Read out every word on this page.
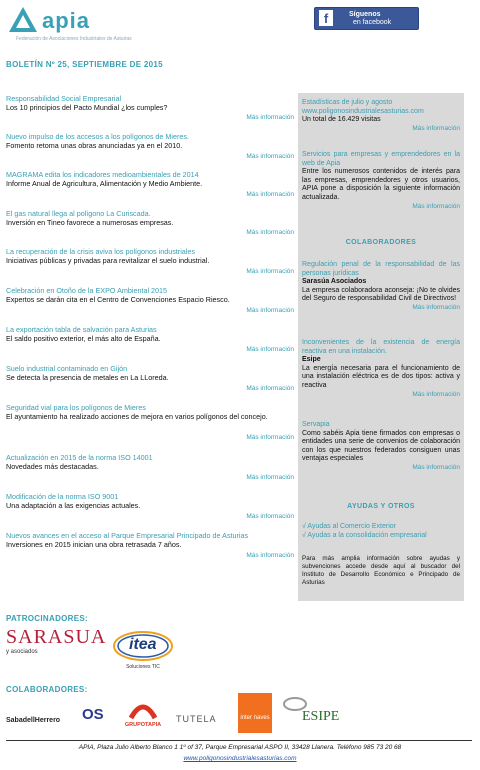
apia
Federación de Asociaciones Industriales de Asturias
f	Síguenos
en facebook
BOLETÍN Nº 25, SEPTIEMBRE DE 2015
Responsabilidad Social Empresarial
Los 10 principios del Pacto Mundial ¿los cumples?
Más información
Nuevo impulso de los accesos a los polígonos de Mieres.
Fomento retoma unas obras anunciadas ya en el 2010.
Más información
MAGRAMA edita los indicadores medioambientales de 2014
Informe Anual de Agricultura, Alimentación y Medio Ambiente.
Más información
El gas natural llega al polígono La Curiscada.
Inversión en Tineo favorece a numerosas empresas.
Más información
La recuperación de la crisis aviva los polígonos industriales
Iniciativas públicas y privadas para revitalizar el suelo industrial.
Más información
Celebración en Otoño de la EXPO Ambiental 2015
Expertos se darán cita en el Centro de Convenciones Espacio Riesco.
Más información
La exportación tabla de salvación para Asturias
El saldo positivo exterior, el más alto de España.
Más información
Suelo industrial contaminado en Gijón
Se detecta la presencia de metales en La LLoreda.
Más información
Seguridad vial para los polígonos de Mieres
El ayuntamiento ha realizado acciones de mejora en varios polígonos del concejo.
Más información
Actualización en 2015 de la norma ISO 14001
Novedades más destacadas.
Más información
Modificación de la norma ISO 9001
Una adaptación a las exigencias actuales.
Más información
Nuevos avances en el acceso al Parque Empresarial Principado de Asturias
Inversiones en 2015 inician una obra retrasada 7 años.
Más información
Estadísticas de julio y agosto
www.poligonosindustrialesasturias.com
Un total de 16.429 visitas
Más información
Servicios para empresas y emprendedores en la web de Apia
Entre los numerosos contenidos de interés para las empresas, emprendedores y otros usuarios, APIA pone a disposición la siguiente información actualizada.
Más información
COLABORADORES
Regulación penal de la responsabilidad de las personas jurídicas
Sarasúa Asociados
La empresa colaboradora aconseja: ¡No te olvides del Seguro de responsabilidad Civil de Directivos!
Más información
Inconvenientes de la existencia de energía reactiva en una instalación.
Esipe
La energía necesaria para el funcionamiento de una instalación eléctrica es de dos tipos: activa y reactiva
Más información
Servapia
Como sabéis Apia tiene firmados con empresas o entidades una serie de convenios de colaboración con los que nuestros federados consiguen unas ventajas especiales
Más información
AYUDAS Y OTROS
√ Ayudas al Comercio Exterior
√ Ayudas a la consolidación empresarial
Para más amplia información sobre ayudas y subvenciones accede desde aquí al buscador del Instituto de Desarrollo Económico e Principado de Asturias
PATROCINADORES:
SARASUA
y asociados	itea
Soluciones TIC
COLABORADORES:
SabadellHerrero OS
GRUPOTAPIA
TUTELA	inter naves ESIPE
APIA, Plaza Julio Alberto Blanco 1 1º of 37, Parque Empresarial ASPO II, 33428 Llanera. Teléfono 985 73 20 68
www.poligonosindustrialesasturias.com
